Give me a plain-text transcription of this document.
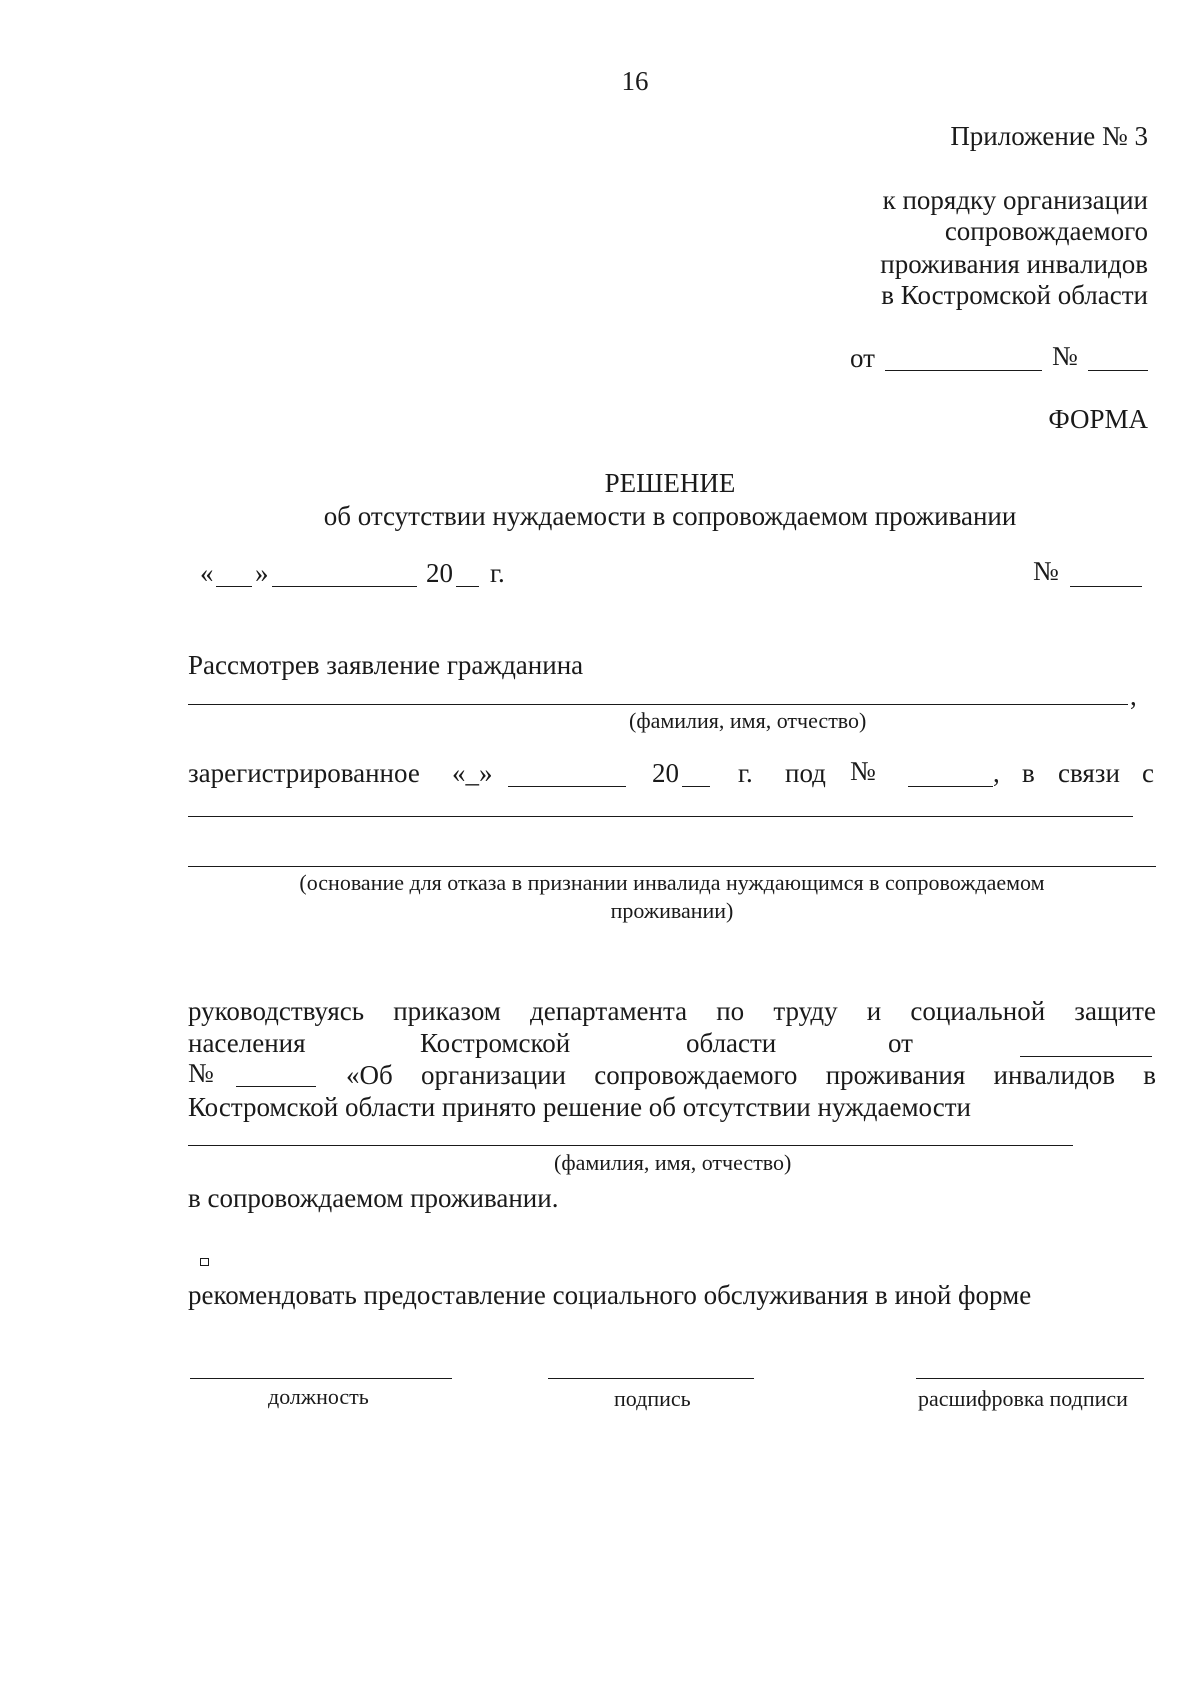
16
Приложение № 3
к порядку организации
сопровождаемого
проживания инвалидов
в Костромской области
от	№
ФОРМА
РЕШЕНИЕ
об отсутствии нуждаемости в сопровождаемом проживании
« »	20 г.	№
Рассмотрев заявление гражданина
,
(фамилия, имя, отчество)
зарегистрированное «_»	20 г. под №	, в связи с
(основание для отказа в признании инвалида нуждающимся в сопровождаемом
проживании)
руководствуясь приказом департамента по труду и социальной защите
населения	Костромской	области	от
№	«Об организации сопровождаемого проживания инвалидов в
Костромской области принято решение об отсутствии нуждаемости
(фамилия, имя, отчество)
в сопровождаемом проживании.
рекомендовать предоставление социального обслуживания в иной форме
должность	подпись	расшифровка подписи
